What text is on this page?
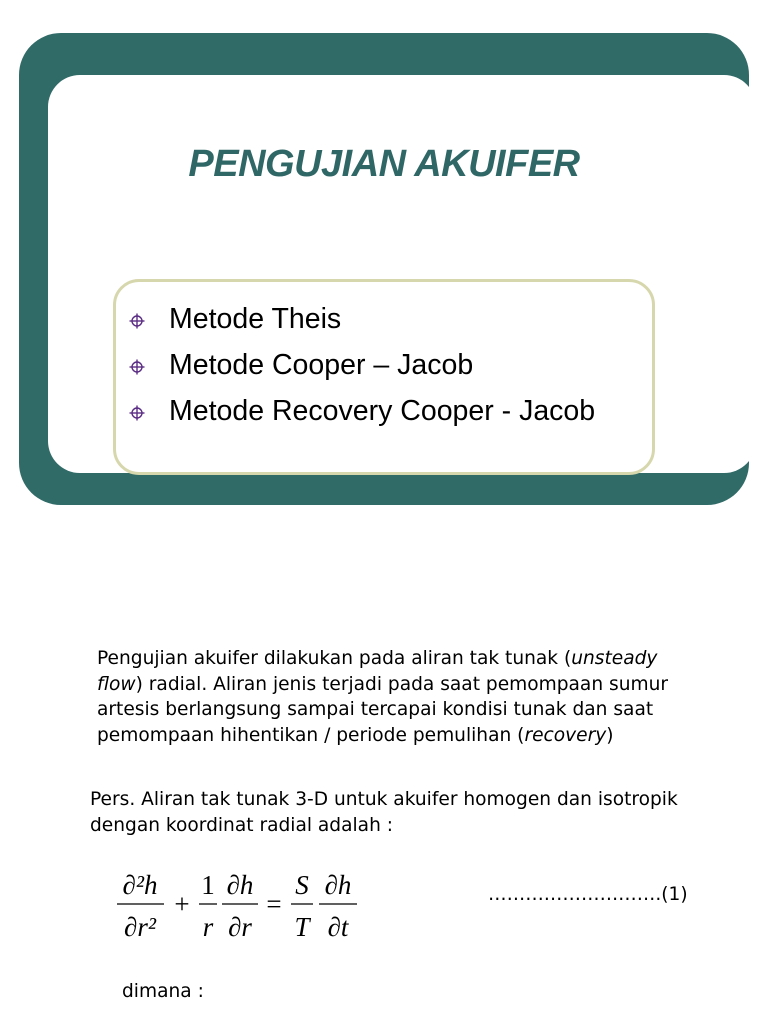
PENGUJIAN AKUIFER
Metode Theis
Metode Cooper – Jacob
Metode Recovery Cooper - Jacob
Pengujian akuifer dilakukan pada aliran tak tunak (unsteady
flow) radial. Aliran jenis terjadi pada saat pemompaan sumur
artesis berlangsung sampai tercapai kondisi tunak dan saat
pemompaan hihentikan / periode pemulihan (recovery)
Pers. Aliran tak tunak 3-D untuk akuifer homogen dan isotropik
dengan koordinat radial adalah :
∂²h
∂r²
+
1
r
∂h
∂r
=
S
T
∂h
∂t
……………………….(1)
dimana :
